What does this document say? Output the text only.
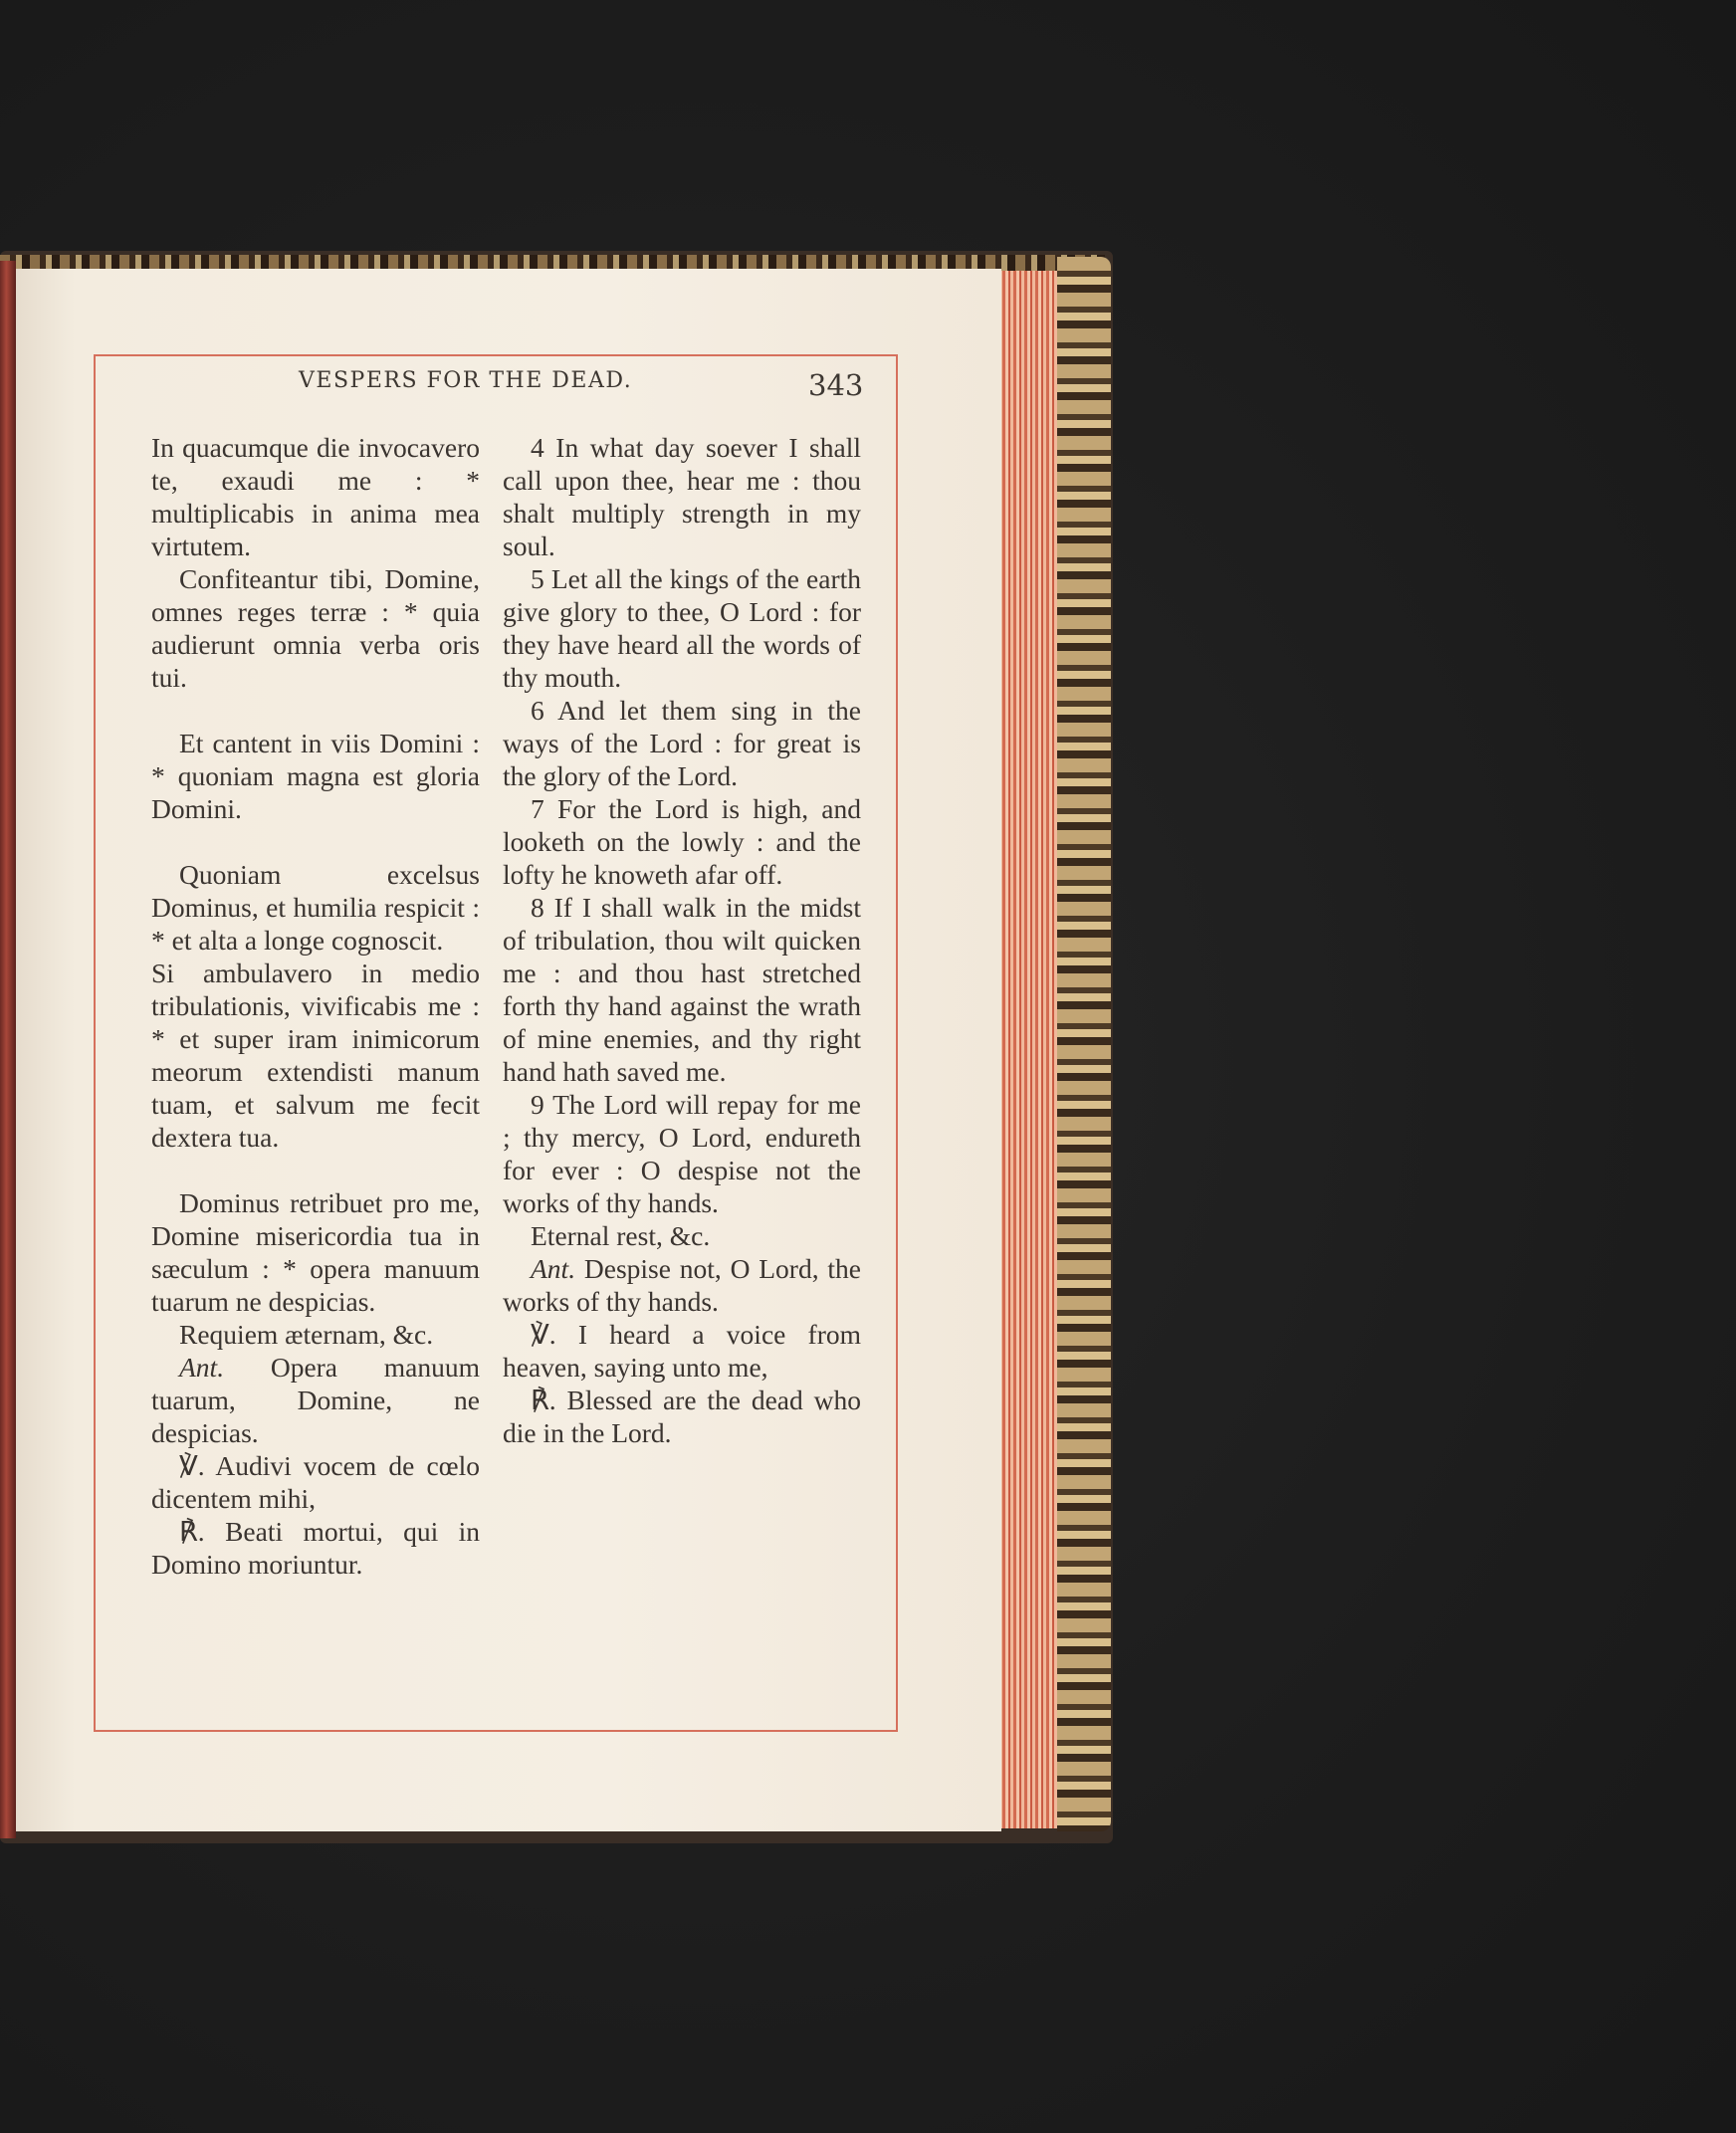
VESPERS FOR THE DEAD.	343

In quacumque die invocavero te, exaudi me : * multiplicabis in anima mea virtutem.

Confiteantur tibi, Domine, omnes reges terræ : * quia audierunt omnia verba oris tui.

Et cantent in viis Domini : * quoniam magna est gloria Domini.

Quoniam excelsus Dominus, et humilia respicit : * et alta a longe cognoscit.

Si ambulavero in medio tribulationis, vivificabis me : * et super iram inimicorum meorum extendisti manum tuam, et salvum me fecit dextera tua.

Dominus retribuet pro me, Domine misericordia tua in sæculum : * opera manuum tuarum ne despicias.

Requiem æternam, &c.

Ant. Opera manuum tuarum, Domine, ne despicias.

℣. Audivi vocem de cœlo dicentem mihi,

℟. Beati mortui, qui in Domino moriuntur.

4 In what day soever I shall call upon thee, hear me : thou shalt multiply strength in my soul.

5 Let all the kings of the earth give glory to thee, O Lord : for they have heard all the words of thy mouth.

6 And let them sing in the ways of the Lord : for great is the glory of the Lord.

7 For the Lord is high, and looketh on the lowly : and the lofty he knoweth afar off.

8 If I shall walk in the midst of tribulation, thou wilt quicken me : and thou hast stretched forth thy hand against the wrath of mine enemies, and thy right hand hath saved me.

9 The Lord will repay for me ; thy mercy, O Lord, endureth for ever : O despise not the works of thy hands.

Eternal rest, &c.

Ant. Despise not, O Lord, the works of thy hands.

℣. I heard a voice from heaven, saying unto me,

℟. Blessed are the dead who die in the Lord.
